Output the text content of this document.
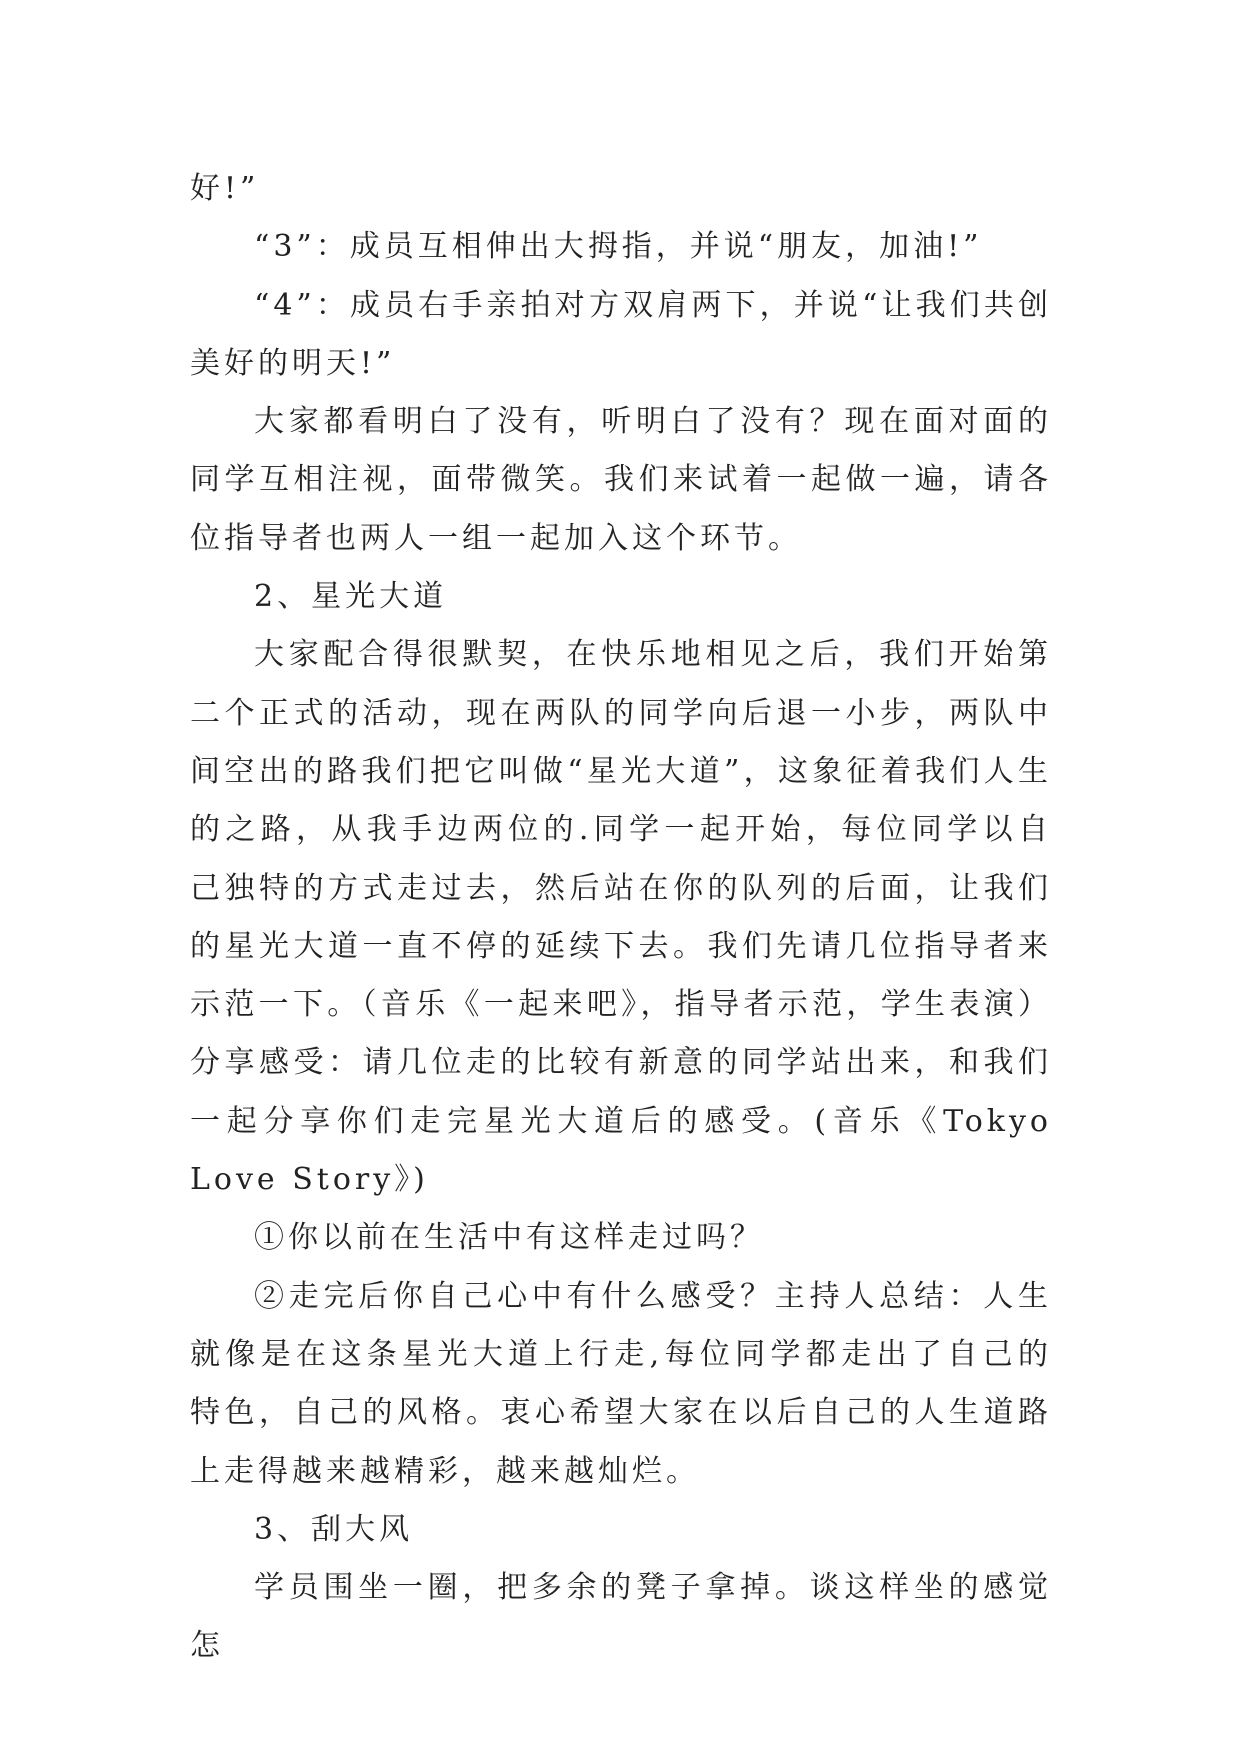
好!”

“3”：成员互相伸出大拇指，并说“朋友，加油!”

“4”：成员右手亲拍对方双肩两下，并说“让我们共创美好的明天!”

大家都看明白了没有，听明白了没有？现在面对面的同学互相注视，面带微笑。我们来试着一起做一遍，请各位指导者也两人一组一起加入这个环节。

2、星光大道

大家配合得很默契，在快乐地相见之后，我们开始第二个正式的活动，现在两队的同学向后退一小步，两队中间空出的路我们把它叫做“星光大道”，这象征着我们人生的之路，从我手边两位的.同学一起开始，每位同学以自己独特的方式走过去，然后站在你的队列的后面，让我们的星光大道一直不停的延续下去。我们先请几位指导者来示范一下。（音乐《一起来吧》，指导者示范，学生表演）分享感受：请几位走的比较有新意的同学站出来，和我们一起分享你们走完星光大道后的感受。(音乐《Tokyo Love Story》)

①你以前在生活中有这样走过吗？

②走完后你自己心中有什么感受？主持人总结：人生就像是在这条星光大道上行走,每位同学都走出了自己的特色，自己的风格。衷心希望大家在以后自己的人生道路上走得越来越精彩，越来越灿烂。

3、刮大风

学员围坐一圈，把多余的凳子拿掉。谈这样坐的感觉怎
